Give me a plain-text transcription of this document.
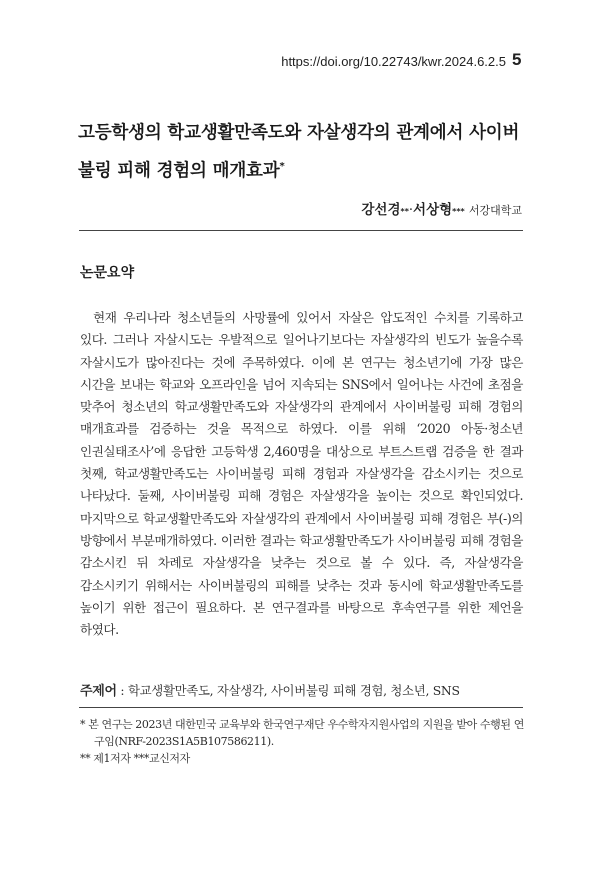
https://doi.org/10.22743/kwr.2024.6.2.5 5
고등학생의 학교생활만족도와 자살생각의 관계에서 사이버불링 피해 경험의 매개효과*
강선경**·서상형*** 서강대학교
논문요약

현재 우리나라 청소년들의 사망률에 있어서 자살은 압도적인 수치를 기록하고 있다. 그러나 자살시도는 우발적으로 일어나기보다는 자살생각의 빈도가 높을수록 자살시도가 많아진다는 것에 주목하였다. 이에 본 연구는 청소년기에 가장 많은 시간을 보내는 학교와 오프라인을 넘어 지속되는 SNS에서 일어나는 사건에 초점을 맞추어 청소년의 학교생활만족도와 자살생각의 관계에서 사이버불링 피해 경험의 매개효과를 검증하는 것을 목적으로 하였다. 이를 위해 ‘2020 아동·청소년 인권실태조사’에 응답한 고등학생 2,460명을 대상으로 부트스트랩 검증을 한 결과 첫째, 학교생활만족도는 사이버불링 피해 경험과 자살생각을 감소시키는 것으로 나타났다. 둘째, 사이버불링 피해 경험은 자살생각을 높이는 것으로 확인되었다. 마지막으로 학교생활만족도와 자살생각의 관계에서 사이버불링 피해 경험은 부(-)의 방향에서 부분매개하였다. 이러한 결과는 학교생활만족도가 사이버불링 피해 경험을 감소시킨 뒤 차례로 자살생각을 낮추는 것으로 볼 수 있다. 즉, 자살생각을 감소시키기 위해서는 사이버불링의 피해를 낮추는 것과 동시에 학교생활만족도를 높이기 위한 접근이 필요하다. 본 연구결과를 바탕으로 후속연구를 위한 제언을 하였다.

주제어 : 학교생활만족도, 자살생각, 사이버불링 피해 경험, 청소년, SNS
* 본 연구는 2023년 대한민국 교육부와 한국연구재단 우수학자지원사업의 지원을 받아 수행된 연구임(NRF-2023S1A5B107586211).
** 제1저자 ***교신저자
